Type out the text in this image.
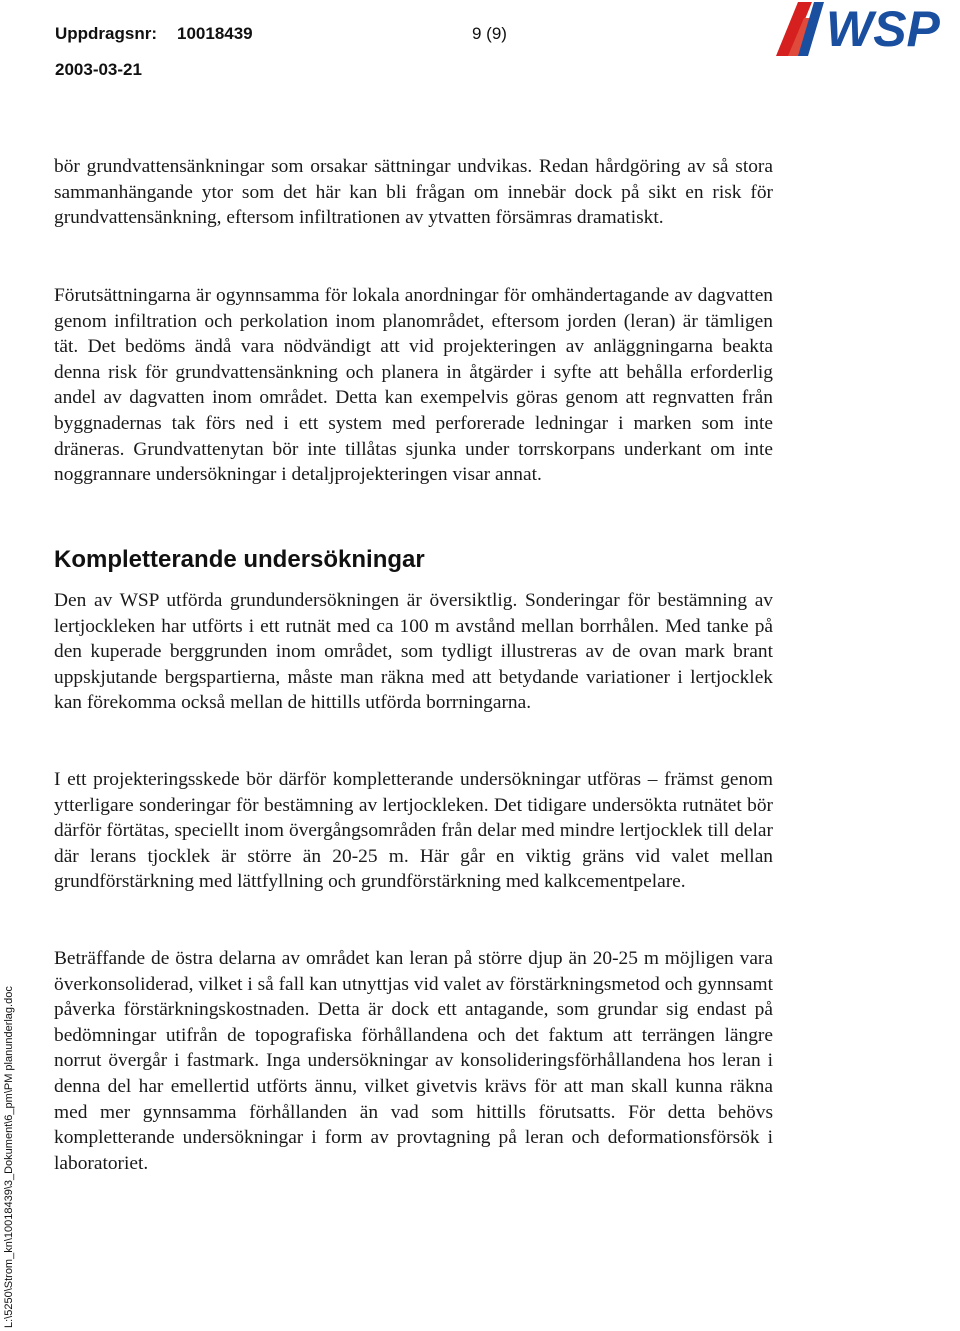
Uppdragsnr: 10018439	9 (9)
2003-03-21
WSP

bör grundvattensänkningar som orsakar sättningar undvikas. Redan hårdgöring av så stora sammanhängande ytor som det här kan bli frågan om innebär dock på sikt en risk för grundvattensänkning, eftersom infiltrationen av ytvatten försämras dramatiskt.

Förutsättningarna är ogynnsamma för lokala anordningar för omhändertagande av dagvatten genom infiltration och perkolation inom planområdet, eftersom jorden (leran) är tämligen tät. Det bedöms ändå vara nödvändigt att vid projekteringen av anläggningarna beakta denna risk för grundvattensänkning och planera in åtgärder i syfte att behålla erforderlig andel av dagvatten inom området. Detta kan exempelvis göras genom att regnvatten från byggnadernas tak förs ned i ett system med perforerade ledningar i marken som inte dräneras. Grundvattenytan bör inte tillåtas sjunka under torrskorpans underkant om inte noggrannare undersökningar i detaljprojekteringen visar annat.

Kompletterande undersökningar

Den av WSP utförda grundundersökningen är översiktlig. Sonderingar för bestämning av lertjockleken har utförts i ett rutnät med ca 100 m avstånd mellan borrhålen. Med tanke på den kuperade berggrunden inom området, som tydligt illustreras av de ovan mark brant uppskjutande bergspartierna, måste man räkna med att betydande variationer i lertjocklek kan förekomma också mellan de hittills utförda borrningarna.

I ett projekteringsskede bör därför kompletterande undersökningar utföras – främst genom ytterligare sonderingar för bestämning av lertjockleken. Det tidigare undersökta rutnätet bör därför förtätas, speciellt inom övergångsområden från delar med mindre lertjocklek till delar där lerans tjocklek är större än 20-25 m. Här går en viktig gräns vid valet mellan grundförstärkning med lättfyllning och grundförstärkning med kalkcementpelare.

Beträffande de östra delarna av området kan leran på större djup än 20-25 m möjligen vara överkonsoliderad, vilket i så fall kan utnyttjas vid valet av förstärkningsmetod och gynnsamt påverka förstärkningskostnaden. Detta är dock ett antagande, som grundar sig endast på bedömningar utifrån de topografiska förhållandena och det faktum att terrängen längre norrut övergår i fastmark. Inga undersökningar av konsolideringsförhållandena hos leran i denna del har emellertid utförts ännu, vilket givetvis krävs för att man skall kunna räkna med mer gynnsamma förhållanden än vad som hittills förutsatts. För detta behövs kompletterande undersökningar i form av provtagning på leran och deformationsförsök i laboratoriet.

L:\5250\Strom_kn\10018439\3_Dokument\6_pm\PM planunderlag.doc
